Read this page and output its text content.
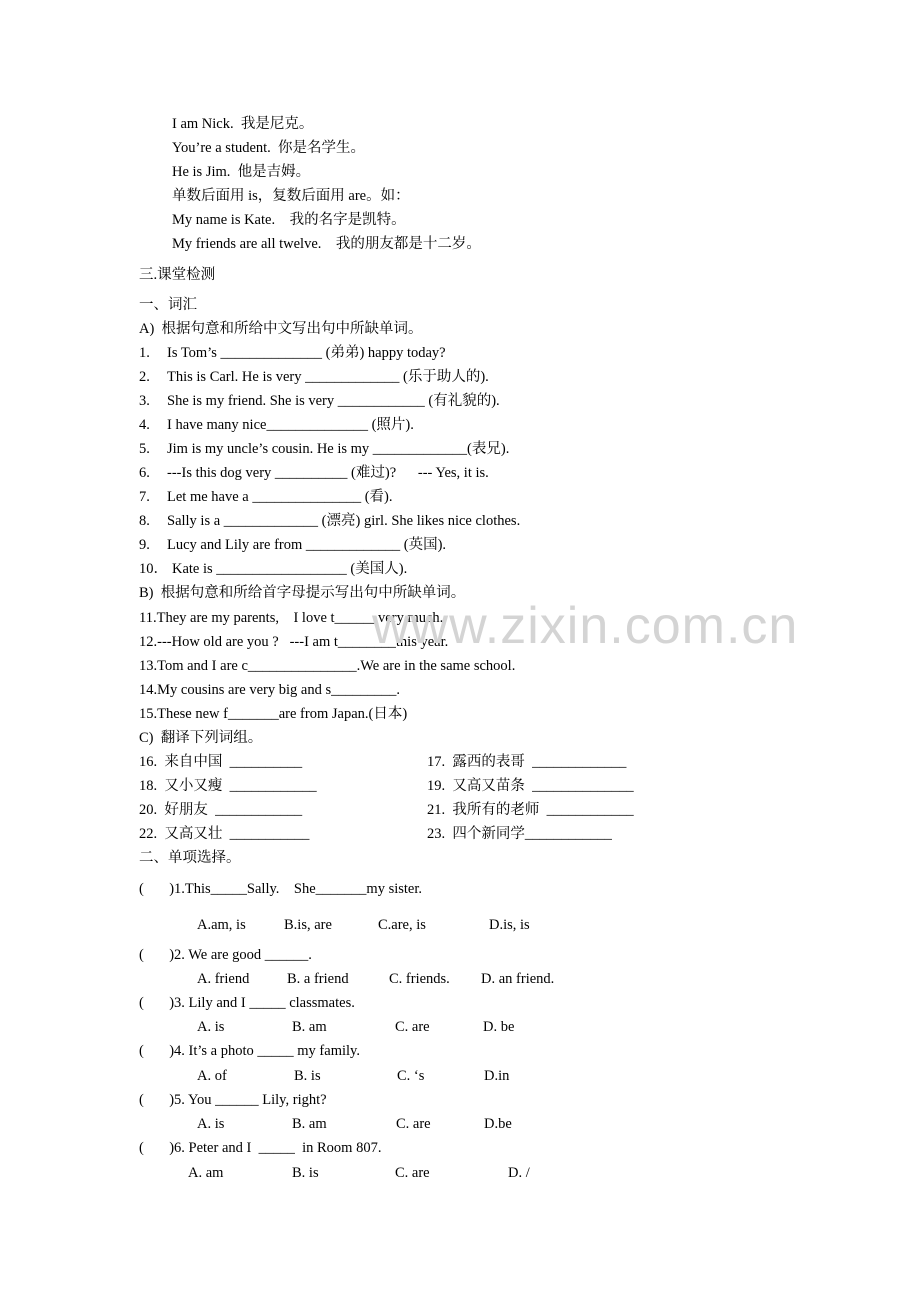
I am Nick.  我是尼克。
You’re a student.  你是名学生。
He is Jim.  他是吉姆。
单数后面用 is，复数后面用 are。如：
My name is Kate.    我的名字是凯特。
My friends are all twelve.    我的朋友都是十二岁。
三.课堂检测
一、词汇
A)  根据句意和所给中文写出句中所缺单词。
1. Is Tom’s ______________ (弟弟) happy today?
2. This is Carl. He is very _____________ (乐于助人的).
3. She is my friend. She is very ____________ (有礼貌的).
4. I have many nice______________ (照片).
5. Jim is my uncle’s cousin. He is my _____________(表兄).
6. ---Is this dog very __________ (难过)?      --- Yes, it is.
7. Let me have a _______________ (看).
8. Sally is a _____________ (漂亮) girl. She likes nice clothes.
9. Lucy and Lily are from _____________ (英国).
10． Kate is __________________ (美国人).
B)  根据句意和所给首字母提示写出句中所缺单词。
11.They are my parents,    I love t______very much.
12.---How old are you ?   ---I am t________this year.
13.Tom and I are c_______________.We are in the same school.
14.My cousins are very big and s_________.
15.These new f_______are from Japan.(日本)
C)  翻译下列词组。
16.  来自中国  __________	17.  露西的表哥  _____________
18.  又小又瘦  ____________	19.  又高又苗条  ______________
20.  好朋友  ____________	21.  我所有的老师  ____________
22.  又高又壮  ___________	23.  四个新同学____________
二、单项选择。
(       )1.This_____Sally.    She_______my sister.
A.am, is	B.is, are	C.are, is	D.is, is
(       )2. We are good ______.
A. friend	B. a friend	C. friends. D. an friend.
(       )3. Lily and I _____ classmates.
A. is	B. am	C. are	D. be
(       )4. It’s a photo _____ my family.
A. of	B. is	C. ‘s	D.in
(       )5. You ______ Lily, right?
A. is	B. am	C. are	D.be
(       )6. Peter and I  _____  in Room 807.
A. am	B. is	C. are	D. /
www.zixin.com.cn
